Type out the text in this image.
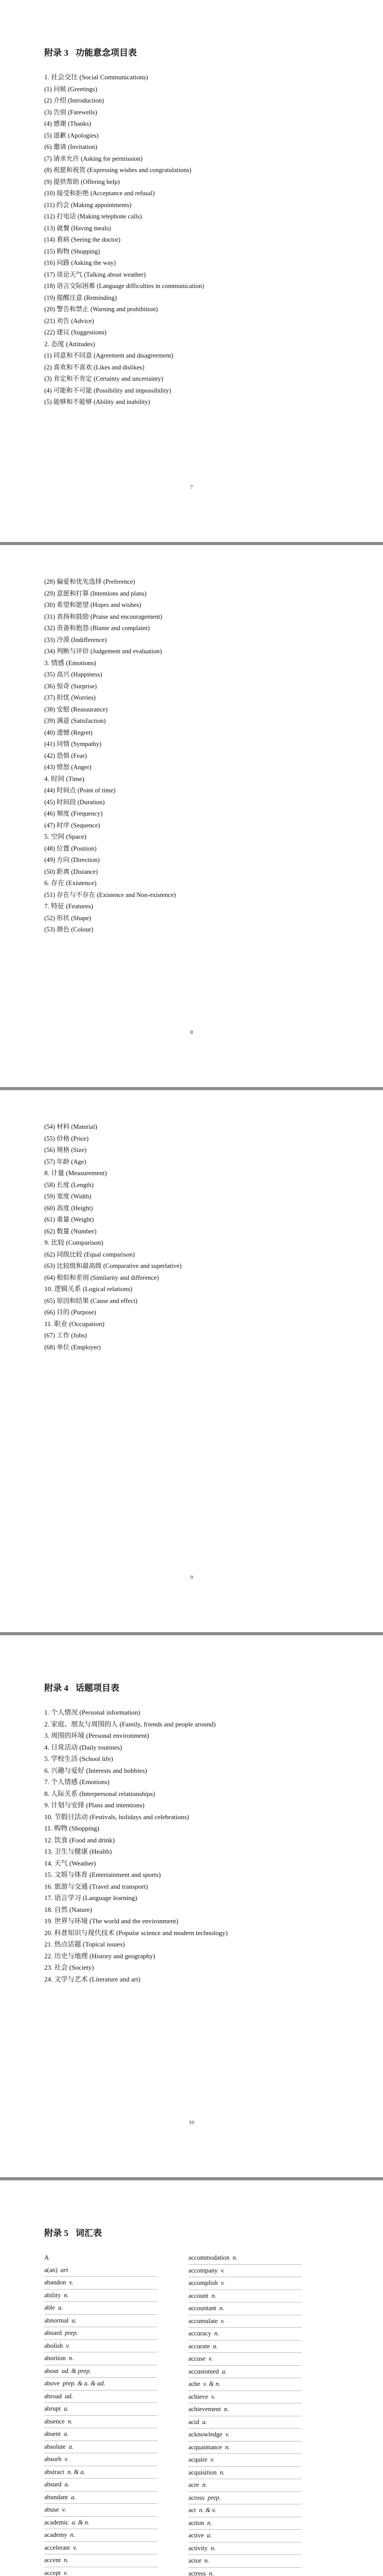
附录 3 功能意念项目表
1. 社会交往 (Social Communications)
(1) 问候 (Greetings)
(2) 介绍 (Introduction)
(3) 告别 (Farewells)
(4) 感谢 (Thanks)
(5) 道歉 (Apologies)
(6) 邀请 (Invitation)
(7) 请求允许 (Asking for permission)
(8) 祝愿和祝贺 (Expressing wishes and congratulations)
(9) 提供帮助 (Offering help)
(10) 接受和拒绝 (Acceptance and refusal)
(11) 约会 (Making appointments)
(12) 打电话 (Making telephone calls)
(13) 就餐 (Having meals)
(14) 看病 (Seeing the doctor)
(15) 购物 (Shopping)
(16) 问路 (Asking the way)
(17) 谈论天气 (Talking about weather)
(18) 语言交际困难 (Language difficulties in communication)
(19) 提醒注意 (Reminding)
(20) 警告和禁止 (Warning and prohibition)
(21) 劝告 (Advice)
(22) 建议 (Suggestions)
2. 态度 (Attitudes)
(1) 同意和不同意 (Agreement and disagreement)
(2) 喜欢和不喜欢 (Likes and dislikes)
(3) 肯定和不肯定 (Certainty and uncertainty)
(4) 可能和不可能 (Possibility and impossibility)
(5) 能够和不能够 (Ability and inability)
7
(28) 偏爱和优先选择 (Preference)
(29) 意愿和打算 (Intentions and plans)
(30) 希望和愿望 (Hopes and wishes)
(31) 表扬和鼓励 (Praise and encouragement)
(32) 责备和抱怨 (Blame and complaint)
(33) 冷漠 (Indifference)
(34) 判断与评价 (Judgement and evaluation)
3. 情感 (Emotions)
(35) 高兴 (Happiness)
(36) 惊奇 (Surprise)
(37) 担忧 (Worries)
(38) 安慰 (Reassurance)
(39) 满意 (Satisfaction)
(40) 遗憾 (Regret)
(41) 同情 (Sympathy)
(42) 恐惧 (Fear)
(43) 愤怒 (Anger)
4. 时间 (Time)
(44) 时间点 (Point of time)
(45) 时间段 (Duration)
(46) 频度 (Frequency)
(47) 时序 (Sequence)
5. 空间 (Space)
(48) 位置 (Position)
(49) 方向 (Direction)
(50) 距离 (Distance)
6. 存在 (Existence)
(51) 存在与不存在 (Existence and Non-existence)
7. 特征 (Features)
(52) 形状 (Shape)
(53) 颜色 (Colour)
8
(54) 材料 (Material)
(55) 价格 (Price)
(56) 规格 (Size)
(57) 年龄 (Age)
8. 计量 (Measurement)
(58) 长度 (Length)
(59) 宽度 (Width)
(60) 高度 (Height)
(61) 重量 (Weight)
(62) 数量 (Number)
9. 比较 (Comparison)
(62) 同级比较 (Equal comparison)
(63) 比较级和最高级 (Comparative and superlative)
(64) 相似和差别 (Similarity and difference)
10. 逻辑关系 (Logical relations)
(65) 原因和结果 (Cause and effect)
(66) 目的 (Purpose)
11. 职业 (Occupation)
(67) 工作 (Jobs)
(68) 单位 (Employer)
9
附录 4 话题项目表
1. 个人情况 (Personal information)
2. 家庭、朋友与周围的人 (Family, friends and people around)
3. 周围的环境 (Personal environment)
4. 日常活动 (Daily routines)
5. 学校生活 (School life)
6. 兴趣与爱好 (Interests and hobbies)
7. 个人情感 (Emotions)
8. 人际关系 (Interpersonal relationships)
9. 计划与安排 (Plans and intentions)
10. 节假日活动 (Festivals, holidays and celebrations)
11. 购物 (Shopping)
12. 饮食 (Food and drink)
13. 卫生与健康 (Health)
14. 天气 (Weather)
15. 文娱与体育 (Entertainment and sports)
16. 旅游与交通 (Travel and transport)
17. 语言学习 (Language learning)
18. 自然 (Nature)
19. 世界与环境 (The world and the environment)
20. 科普知识与现代技术 (Popular science and modern technology)
21. 热点话题 (Topical issues)
22. 历史与地理 (History and geography)
23. 社会 (Society)
24. 文学与艺术 (Literature and art)
10
附录 5 词汇表
A
a(an) art
abandon v.
ability n.
able a.
abnormal a.
aboard prep.
abolish v.
abortion n.
about ad. & prep.
above prep. & a. & ad.
abroad ad.
abrupt a.
absence n.
absent a.
absolute a.
absorb v.
abstract n. & a.
absurd a.
abundant a.
abuse v.
academic a. & n.
academy n.
accelerate v.
accent n.
accept v.
accommodation n.
accompany v.
accomplish v.
account n.
accountant n.
accumulate v.
accuracy n.
accurate a.
accuse v.
accustomed a.
ache v. & n.
achieve v.
achievement n.
acid a.
acknowledge v.
acquaintance n.
acquire v.
acquisition n.
acre n.
across prep.
act n. & v.
action n.
active a.
activity n.
actor n.
actress n.
